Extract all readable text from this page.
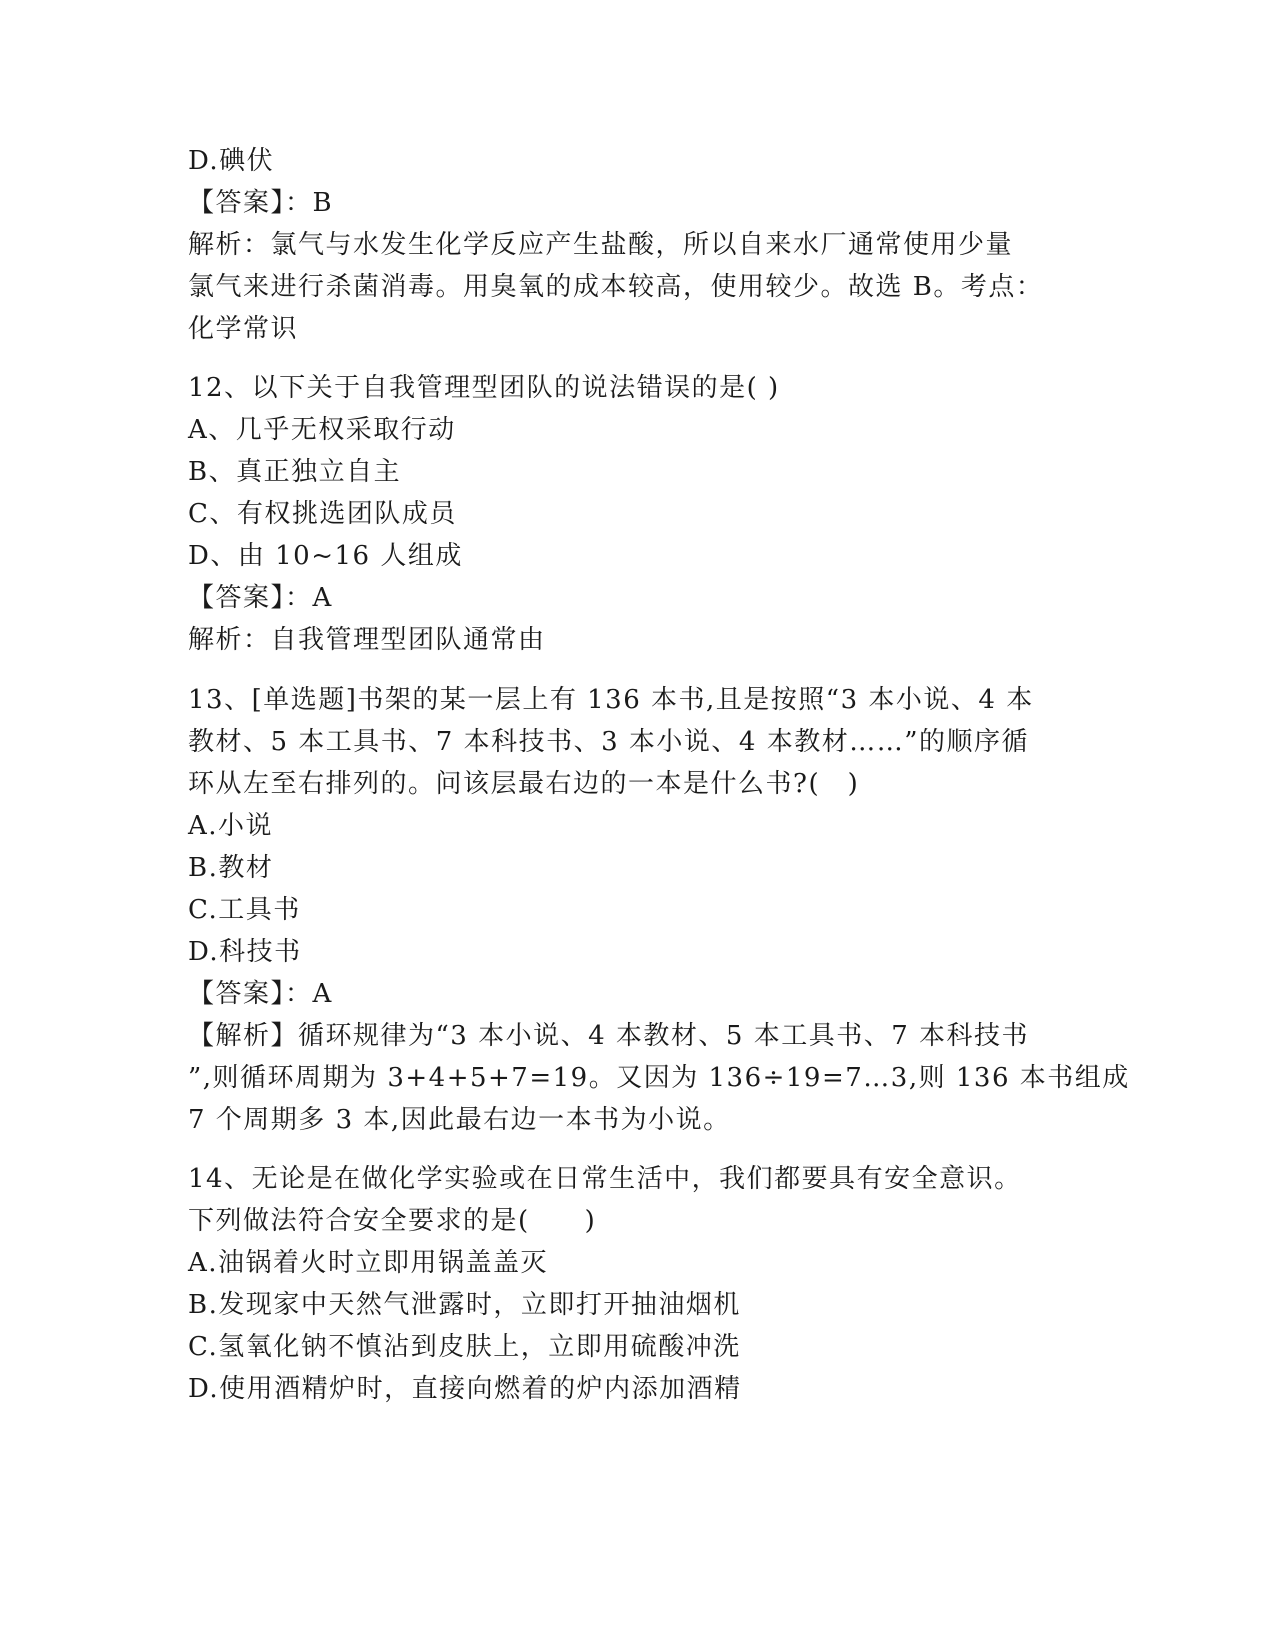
D.碘伏
【答案】：B
解析：氯气与水发生化学反应产生盐酸，所以自来水厂通常使用少量
氯气来进行杀菌消毒。用臭氧的成本较高，使用较少。故选 B。考点：
化学常识
12、以下关于自我管理型团队的说法错误的是( )
A、几乎无权采取行动
B、真正独立自主
C、有权挑选团队成员
D、由 10~16 人组成
【答案】：A
解析：自我管理型团队通常由
13、[单选题]书架的某一层上有 136 本书,且是按照“3 本小说、4 本
教材、5 本工具书、7 本科技书、3 本小说、4 本教材……”的顺序循
环从左至右排列的。问该层最右边的一本是什么书?(　)
A.小说
B.教材
C.工具书
D.科技书
【答案】：A
【解析】循环规律为“3 本小说、4 本教材、5 本工具书、7 本科技书
”,则循环周期为 3+4+5+7=19。又因为 136÷19=7…3,则 136 本书组成
7 个周期多 3 本,因此最右边一本书为小说。
14、无论是在做化学实验或在日常生活中，我们都要具有安全意识。
下列做法符合安全要求的是(　　)
A.油锅着火时立即用锅盖盖灭
B.发现家中天然气泄露时，立即打开抽油烟机
C.氢氧化钠不慎沾到皮肤上，立即用硫酸冲洗
D.使用酒精炉时，直接向燃着的炉内添加酒精
